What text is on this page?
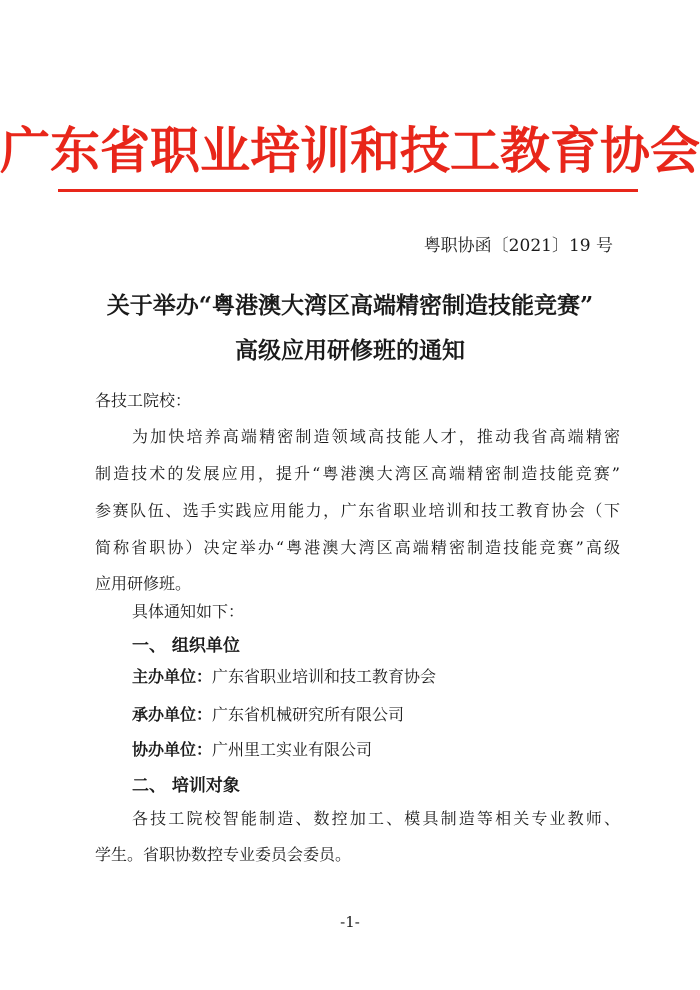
广东省职业培训和技工教育协会
粤职协函〔2021〕19 号
关于举办“粤港澳大湾区高端精密制造技能竞赛”
高级应用研修班的通知
各技工院校：
为加快培养高端精密制造领域高技能人才，推动我省高端精密
制造技术的发展应用，提升“粤港澳大湾区高端精密制造技能竞赛”
参赛队伍、选手实践应用能力，广东省职业培训和技工教育协会（下
简称省职协）决定举办“粤港澳大湾区高端精密制造技能竞赛”高级
应用研修班。
具体通知如下：
一、 组织单位
主办单位：广东省职业培训和技工教育协会
承办单位：广东省机械研究所有限公司
协办单位：广州里工实业有限公司
二、 培训对象
各技工院校智能制造、数控加工、模具制造等相关专业教师、
学生。省职协数控专业委员会委员。
-1-
